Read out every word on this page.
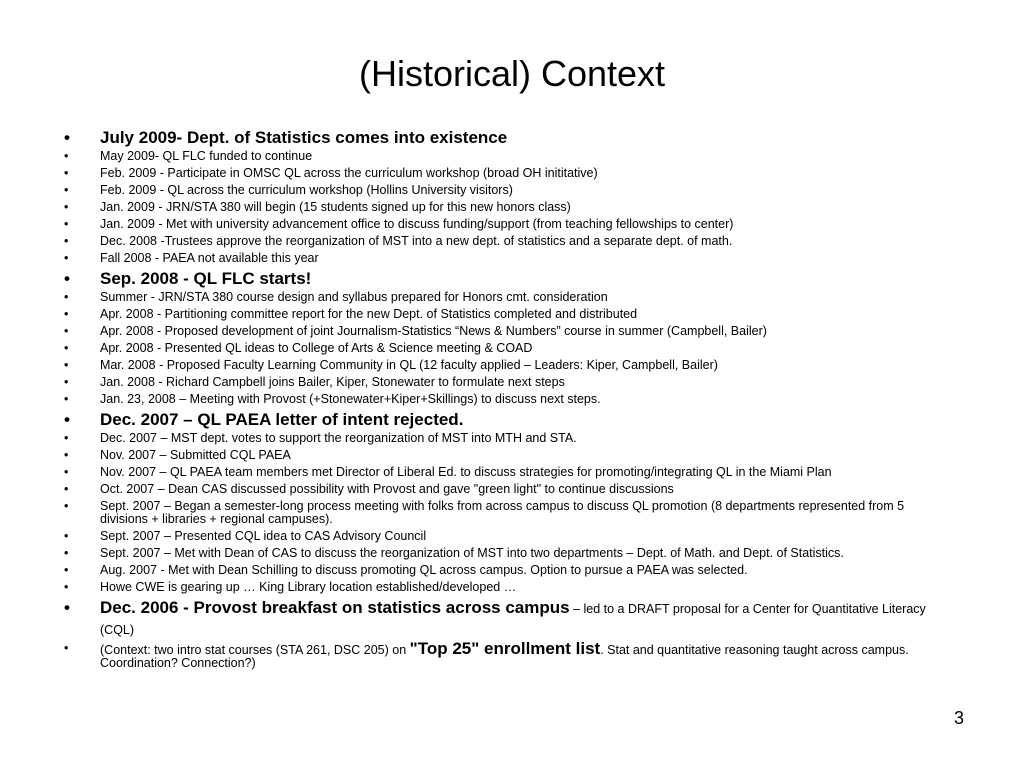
(Historical) Context
• July 2009- Dept. of Statistics comes into existence
•	May 2009- QL FLC funded to continue
•	Feb. 2009 - Participate in OMSC QL across the curriculum workshop (broad OH inititative)
•	Feb. 2009 - QL across the curriculum workshop (Hollins University visitors)
•	Jan. 2009 - JRN/STA 380 will begin (15 students signed up for this new honors class)
•	Jan. 2009 - Met with university advancement office to discuss funding/support (from teaching fellowships to center)
•	Dec. 2008 -Trustees approve the reorganization of MST into a new dept. of statistics and a separate dept. of math.
•	Fall 2008 - PAEA not available this year
• Sep. 2008 - QL FLC starts!
•	Summer - JRN/STA 380 course design and syllabus prepared for Honors cmt. consideration
•	Apr. 2008 - Partitioning committee report for the new Dept. of Statistics completed and distributed
•	Apr. 2008 - Proposed development of joint Journalism-Statistics “News & Numbers” course in summer (Campbell, Bailer)
•	Apr. 2008 - Presented QL ideas to College of Arts & Science meeting & COAD
•	Mar. 2008 - Proposed Faculty Learning Community in QL (12 faculty applied – Leaders: Kiper, Campbell, Bailer)
•	Jan. 2008 - Richard Campbell joins Bailer, Kiper, Stonewater to formulate next steps
•	Jan. 23, 2008 – Meeting with Provost (+Stonewater+Kiper+Skillings) to discuss next steps.
• Dec. 2007 – QL PAEA letter of intent rejected.
•	Dec. 2007 – MST dept. votes to support the reorganization of MST into MTH and STA.
•	Nov. 2007 – Submitted CQL PAEA
•	Nov. 2007 – QL PAEA team members met Director of Liberal Ed. to discuss strategies for promoting/integrating QL in the Miami Plan
•	Oct. 2007 – Dean CAS discussed possibility with Provost and gave "green light" to continue discussions
•	Sept. 2007 – Began a semester-long process meeting with folks from across campus to discuss QL promotion (8 departments represented from 5 divisions + libraries + regional campuses).
•	Sept. 2007 – Presented CQL idea to CAS Advisory Council
•	Sept. 2007 – Met with Dean of CAS to discuss the reorganization of MST into two departments – Dept. of Math. and Dept. of Statistics.
•	Aug. 2007 - Met with Dean Schilling to discuss promoting QL across campus. Option to pursue a PAEA was selected.
•	Howe CWE is gearing up … King Library location established/developed …
• Dec. 2006 - Provost breakfast on statistics across campus – led to a DRAFT proposal for a Center for Quantitative Literacy (CQL)
•	(Context: two intro stat courses (STA 261, DSC 205) on "Top 25" enrollment list. Stat and quantitative reasoning taught across campus. Coordination? Connection?)
3
